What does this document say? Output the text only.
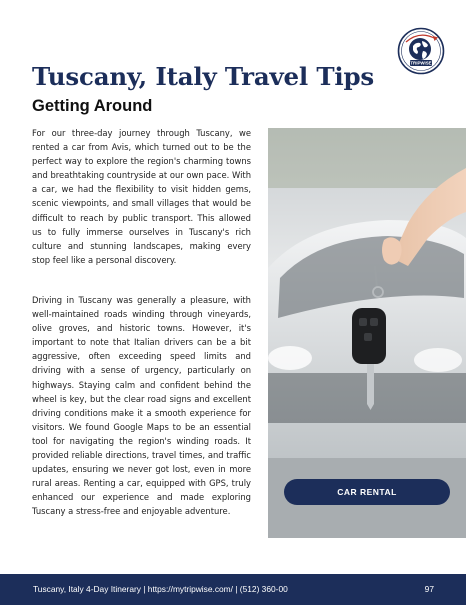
TRIPWISE
Tuscany, Italy Travel Tips
Getting Around

For our three-day journey through Tuscany, we rented a car from Avis, which turned out to be the perfect way to explore the region's charming towns and breathtaking countryside at our own pace. With a car, we had the flexibility to visit hidden gems, scenic viewpoints, and small villages that would be difficult to reach by public transport. This allowed us to fully immerse ourselves in Tuscany's rich culture and stunning landscapes, making every stop feel like a personal discovery.

Driving in Tuscany was generally a pleasure, with well-maintained roads winding through vineyards, olive groves, and historic towns. However, it's important to note that Italian drivers can be a bit aggressive, often exceeding speed limits and driving with a sense of urgency, particularly on highways. Staying calm and confident behind the wheel is key, but the clear road signs and excellent driving conditions make it a smooth experience for visitors. We found Google Maps to be an essential tool for navigating the region's winding roads. It provided reliable directions, travel times, and traffic updates, ensuring we never got lost, even in more rural areas. Renting a car, equipped with GPS, truly enhanced our experience and made exploring Tuscany a stress-free and enjoyable adventure.

CAR RENTAL
Tuscany, Italy 4-Day Itinerary | https://mytripwise.com/ | (512) 360-00	97
